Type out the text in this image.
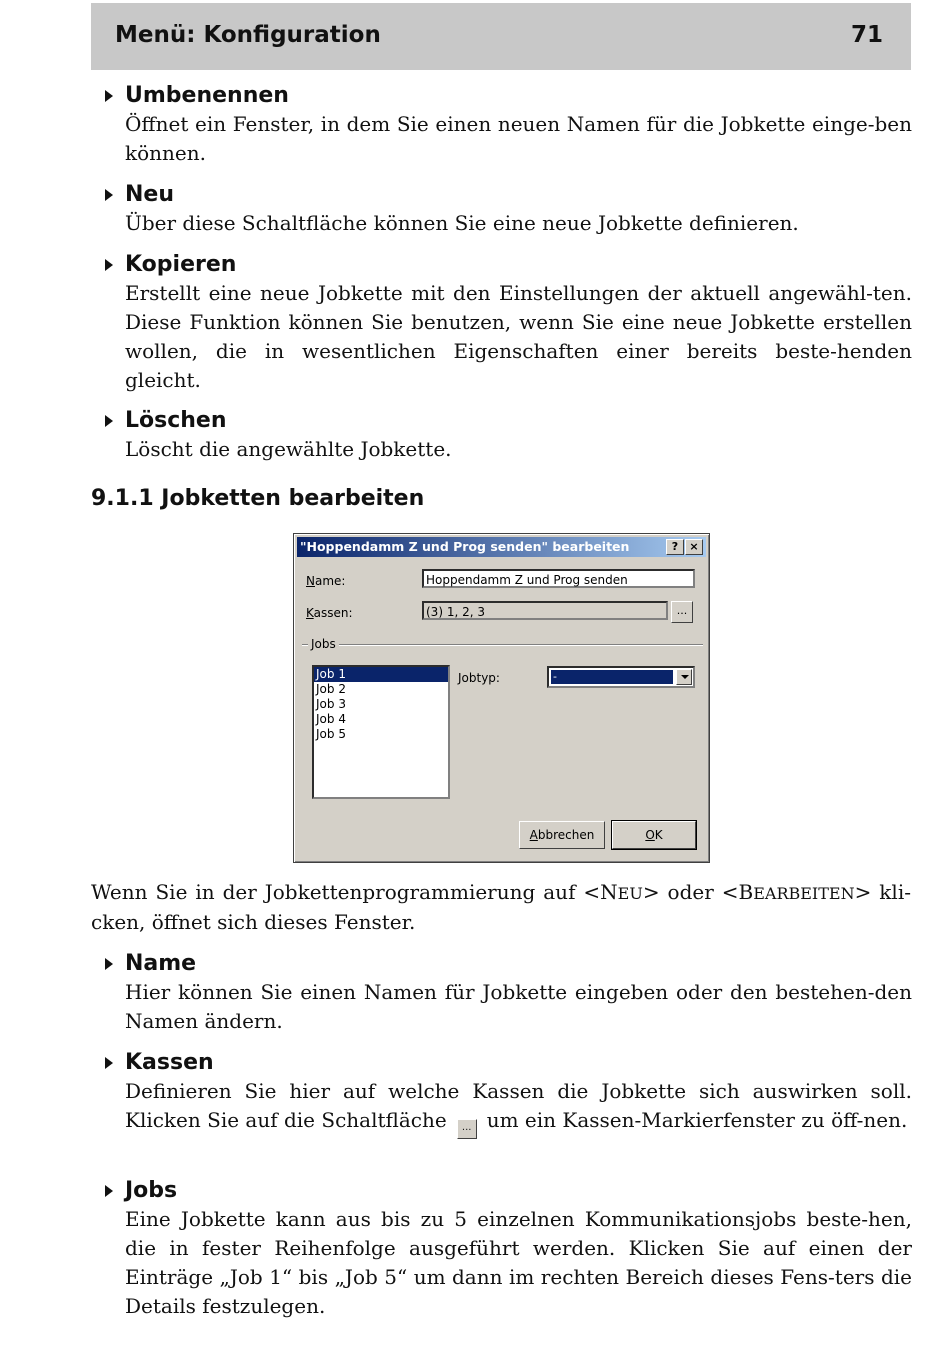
Menü: Konfiguration	71
Umbenennen
Öffnet ein Fenster, in dem Sie einen neuen Namen für die Jobkette einge-ben können.
Neu
Über diese Schaltfläche können Sie eine neue Jobkette definieren.
Kopieren
Erstellt eine neue Jobkette mit den Einstellungen der aktuell angewähl-ten. Diese Funktion können Sie benutzen, wenn Sie eine neue Jobkette erstellen wollen, die in wesentlichen Eigenschaften einer bereits beste-henden gleicht.
Löschen
Löscht die angewählte Jobkette.
9.1.1 Jobketten bearbeiten
"Hoppendamm Z und Prog senden" bearbeiten	?	×
Name:	Hoppendamm Z und Prog senden
Kassen:	(3) 1, 2, 3	...
Jobs
Job 1
Job 2
Job 3
Job 4
Job 5
Jobtyp:	-
Abbrechen	OK
Wenn Sie in der Jobkettenprogrammierung auf <NEU> oder <BEARBEITEN> kli-cken, öffnet sich dieses Fenster.
Name
Hier können Sie einen Namen für Jobkette eingeben oder den bestehen-den Namen ändern.
Kassen
Definieren Sie hier auf welche Kassen die Jobkette sich auswirken soll. Klicken Sie auf die Schaltfläche ... um ein Kassen-Markierfenster zu öff-nen.
Jobs
Eine Jobkette kann aus bis zu 5 einzelnen Kommunikationsjobs beste-hen, die in fester Reihenfolge ausgeführt werden. Klicken Sie auf einen der Einträge „Job 1“ bis „Job 5“ um dann im rechten Bereich dieses Fens-ters die Details festzulegen.
